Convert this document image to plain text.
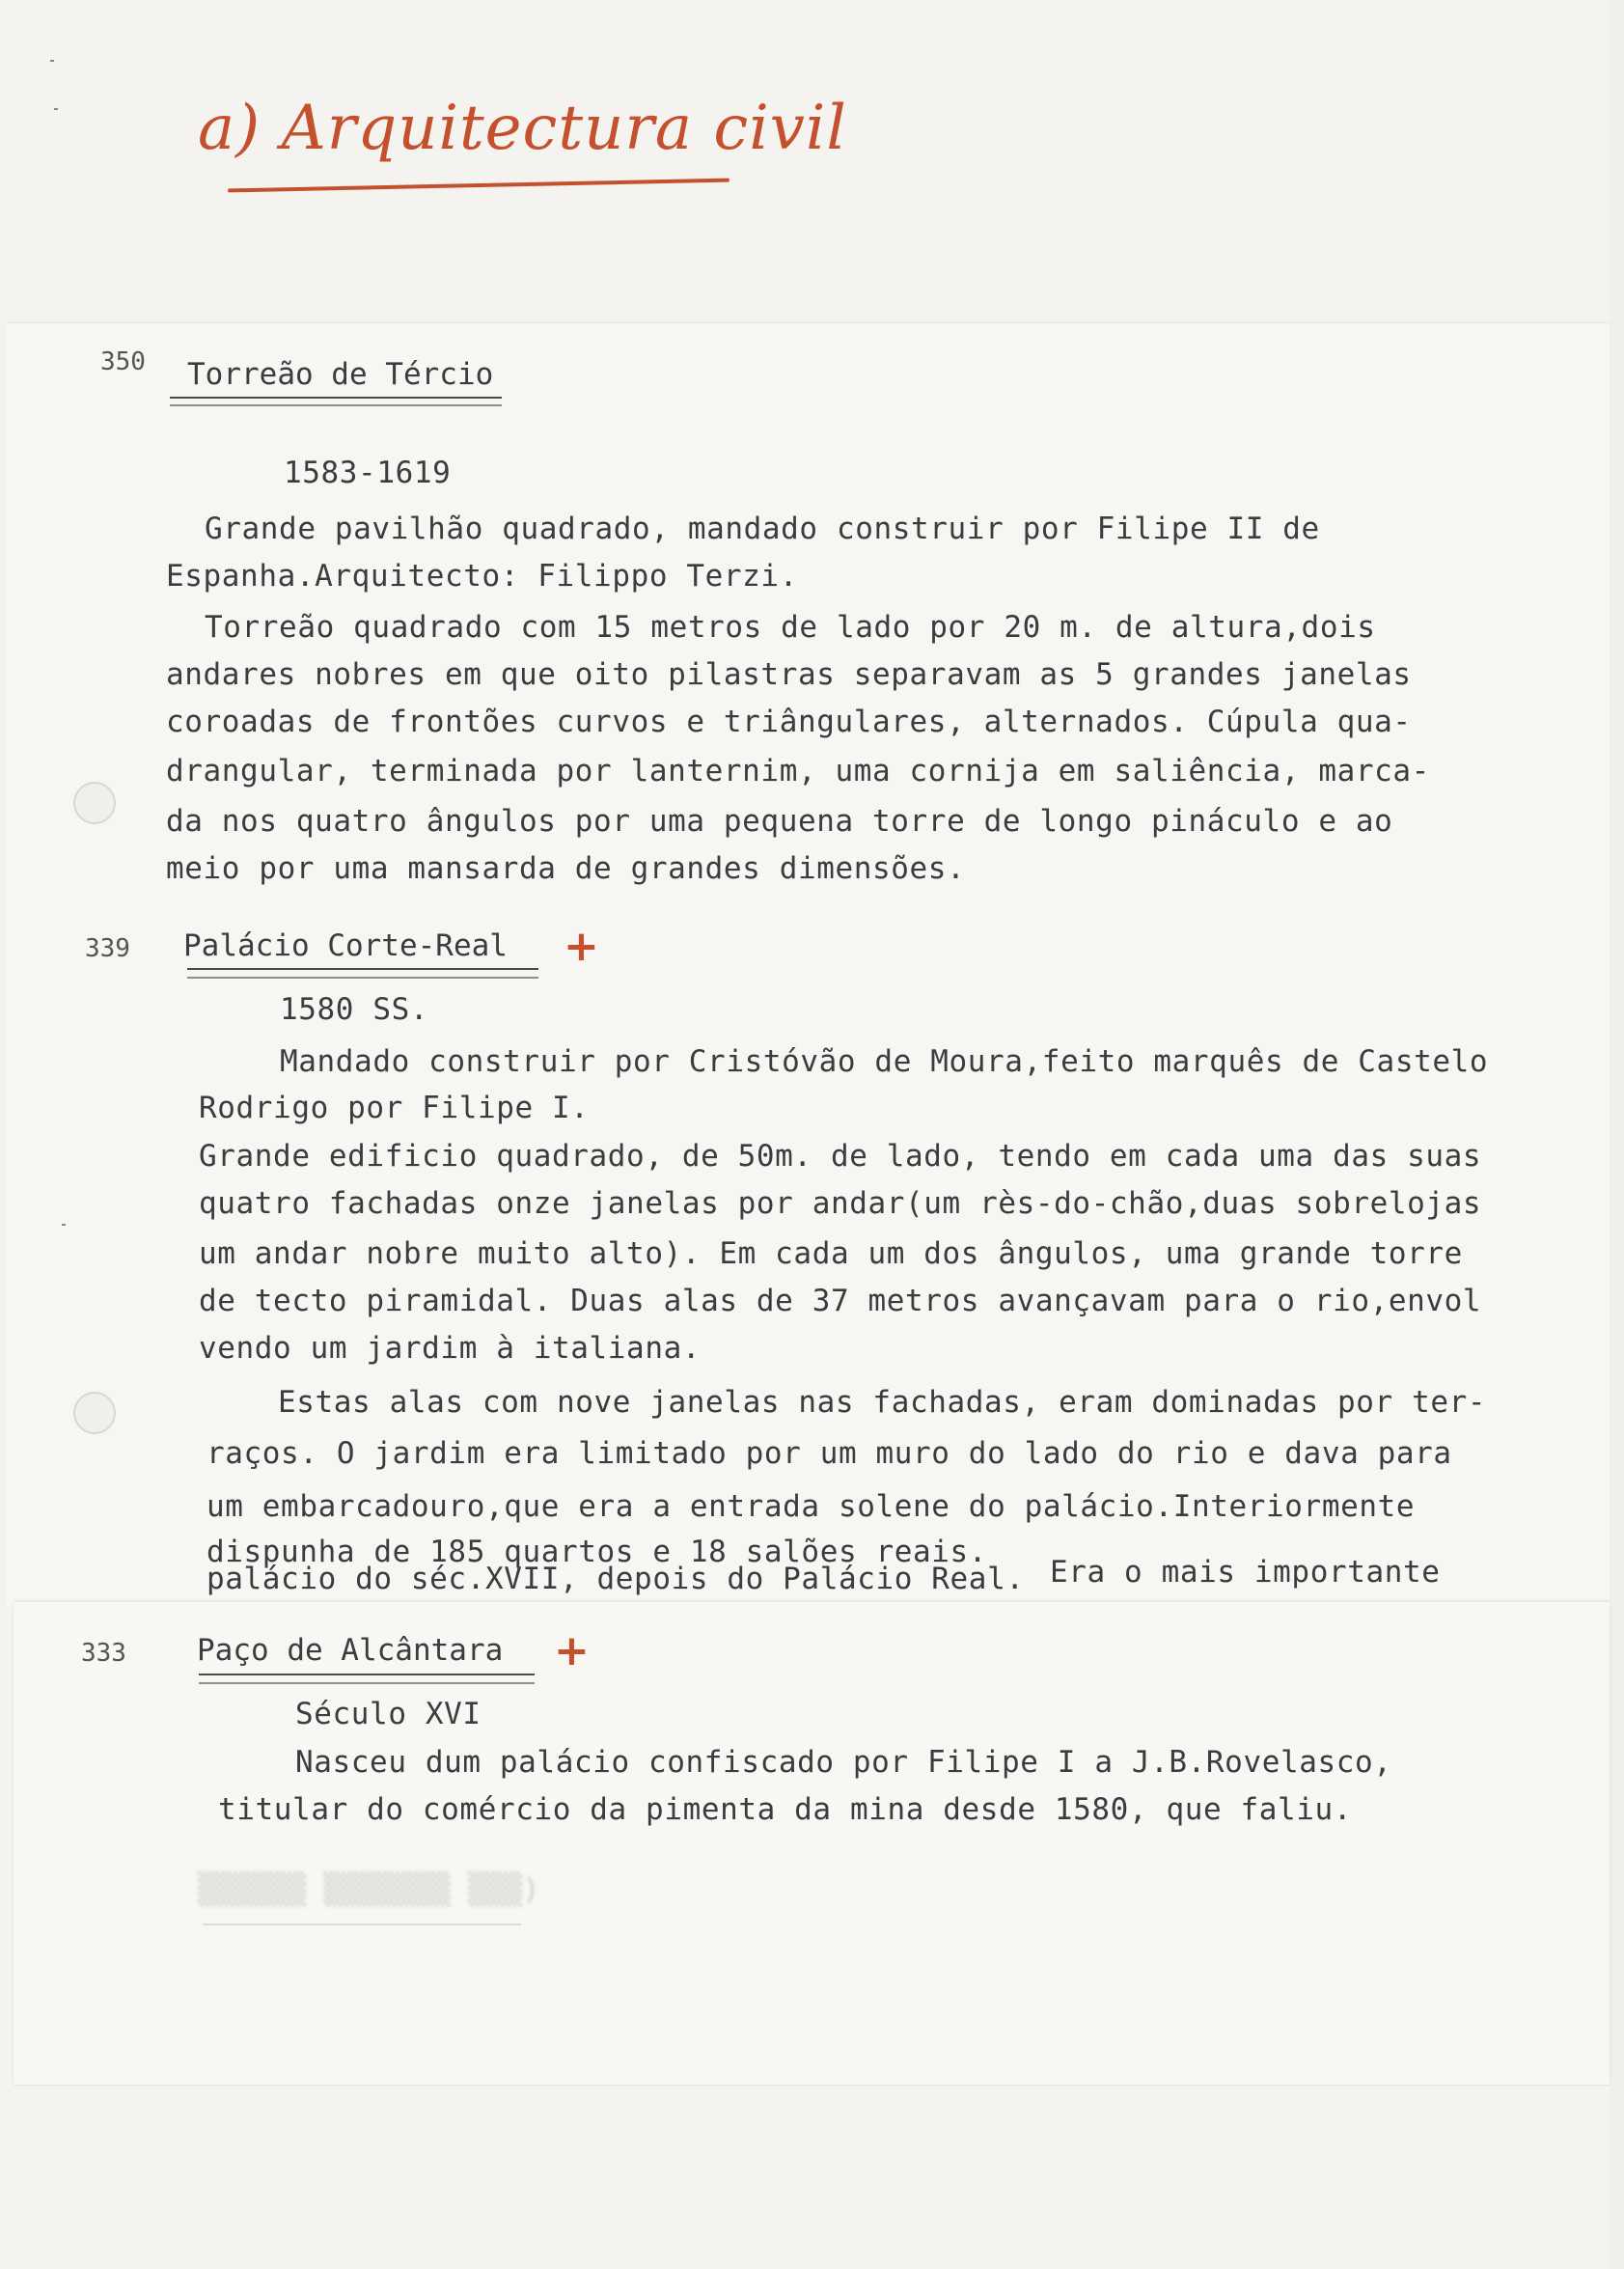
a) Arquitectura civil
350 Torreão de Tércio
1583-1619
Grande pavilhão quadrado, mandado construir por Filipe II de
Espanha.Arquitecto: Filippo Terzi.
Torreão quadrado com 15 metros de lado por 20 m. de altura,dois
andares nobres em que oito pilastras separavam as 5 grandes janelas
coroadas de frontões curvos e triângulares, alternados. Cúpula qua-
drangular, terminada por lanternim, uma cornija em saliência, marca-
da nos quatro ângulos por uma pequena torre de longo pináculo e ao
meio por uma mansarda de grandes dimensões.
339 Palácio Corte-Real +
1580 SS.
Mandado construir por Cristóvão de Moura,feito marquês de Castelo
Rodrigo por Filipe I.
Grande edificio quadrado, de 50m. de lado, tendo em cada uma das suas
quatro fachadas onze janelas por andar(um rès-do-chão,duas sobrelojas
um andar nobre muito alto). Em cada um dos ângulos, uma grande torre
de tecto piramidal. Duas alas de 37 metros avançavam para o rio,envol
vendo um jardim à italiana.
Estas alas com nove janelas nas fachadas, eram dominadas por ter-
raços. O jardim era limitado por um muro do lado do rio e dava para
um embarcadouro,que era a entrada solene do palácio.Interiormente
dispunha de 185 quartos e 18 salões reais.
Era o mais importante
palácio do séc.XVII, depois do Palácio Real.
333 Paço de Alcântara +
Século XVI
Nasceu dum palácio confiscado por Filipe I a J.B.Rovelasco,
titular do comércio da pimenta da mina desde 1580, que faliu.
▒▒▒▒▒▒ ▒▒▒▒▒▒▒ ▒▒▒)
